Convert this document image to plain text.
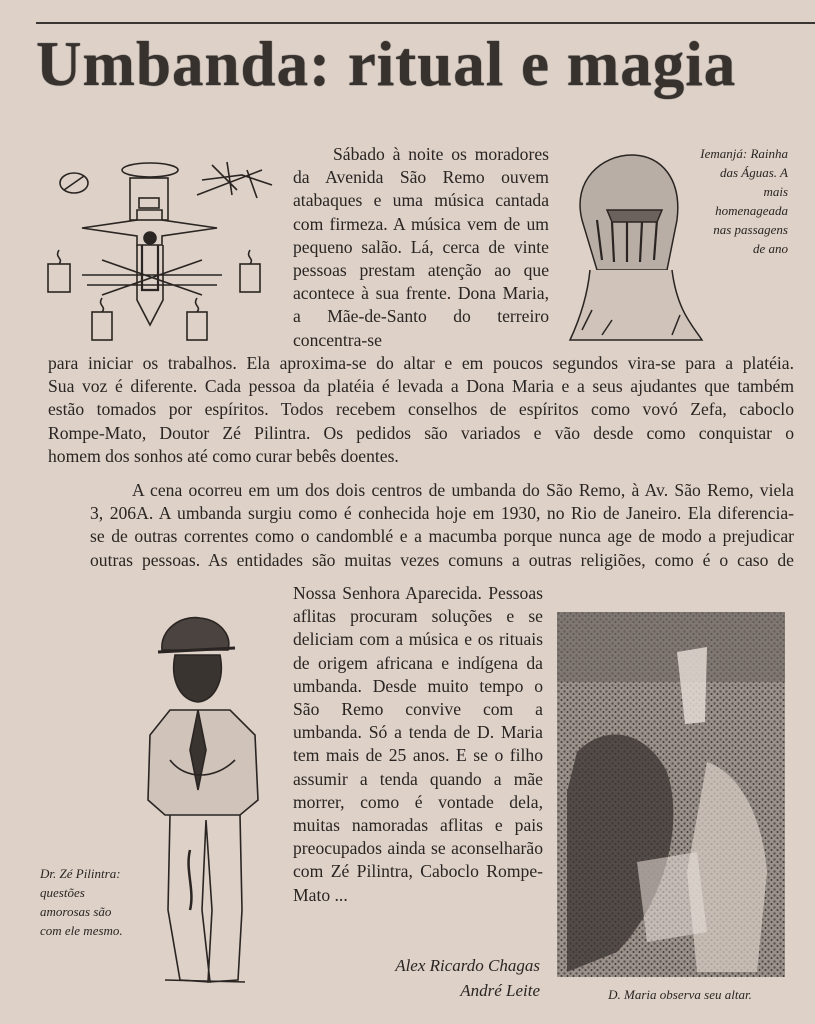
Umbanda: ritual e magia

Sábado à noite os moradores da Avenida São Remo ouvem atabaques e uma música cantada com firmeza. A música vem de um pequeno salão. Lá, cerca de vinte pessoas prestam atenção ao que acontece à sua frente. Dona Maria, a Mãe-de-Santo do terreiro concentra-se

Iemanjá: Rainha das Águas. A mais homenageada nas passagens de ano
para iniciar os trabalhos. Ela aproxima-se do altar e em poucos segundos vira-se para a platéia.
Sua voz é diferente. Cada pessoa da platéia é levada a Dona Maria e a seus ajudantes que também
estão tomados por espíritos. Todos recebem conselhos de espíritos como vovó Zefa, caboclo
Rompe-Mato, Doutor Zé Pilintra. Os pedidos são variados e vão desde como conquistar o
homem dos sonhos até como curar bebês doentes.
A cena ocorreu em um dos dois centros de umbanda do São Remo, à Av. São Remo, viela
3, 206A. A umbanda surgiu como é conhecida hoje em 1930, no Rio de Janeiro. Ela diferencia-
se de outras correntes como o candomblé e a macumba porque nunca age de modo a prejudicar
outras pessoas. As entidades são muitas vezes comuns a outras religiões, como é o caso de
Dr. Zé Pilintra: questões amorosas são com ele mesmo.

Nossa Senhora Aparecida. Pessoas aflitas procuram soluções e se deliciam com a música e os rituais de origem africana e indígena da umbanda. Desde muito tempo o São Remo convive com a umbanda. Só a tenda de D. Maria tem mais de 25 anos. E se o filho assumir a tenda quando a mãe morrer, como é vontade dela, muitas namoradas aflitas e pais preocupados ainda se aconselharão com Zé Pilintra, Caboclo Rompe-Mato ...

Alex Ricardo Chagas
André Leite	D. Maria observa seu altar.
